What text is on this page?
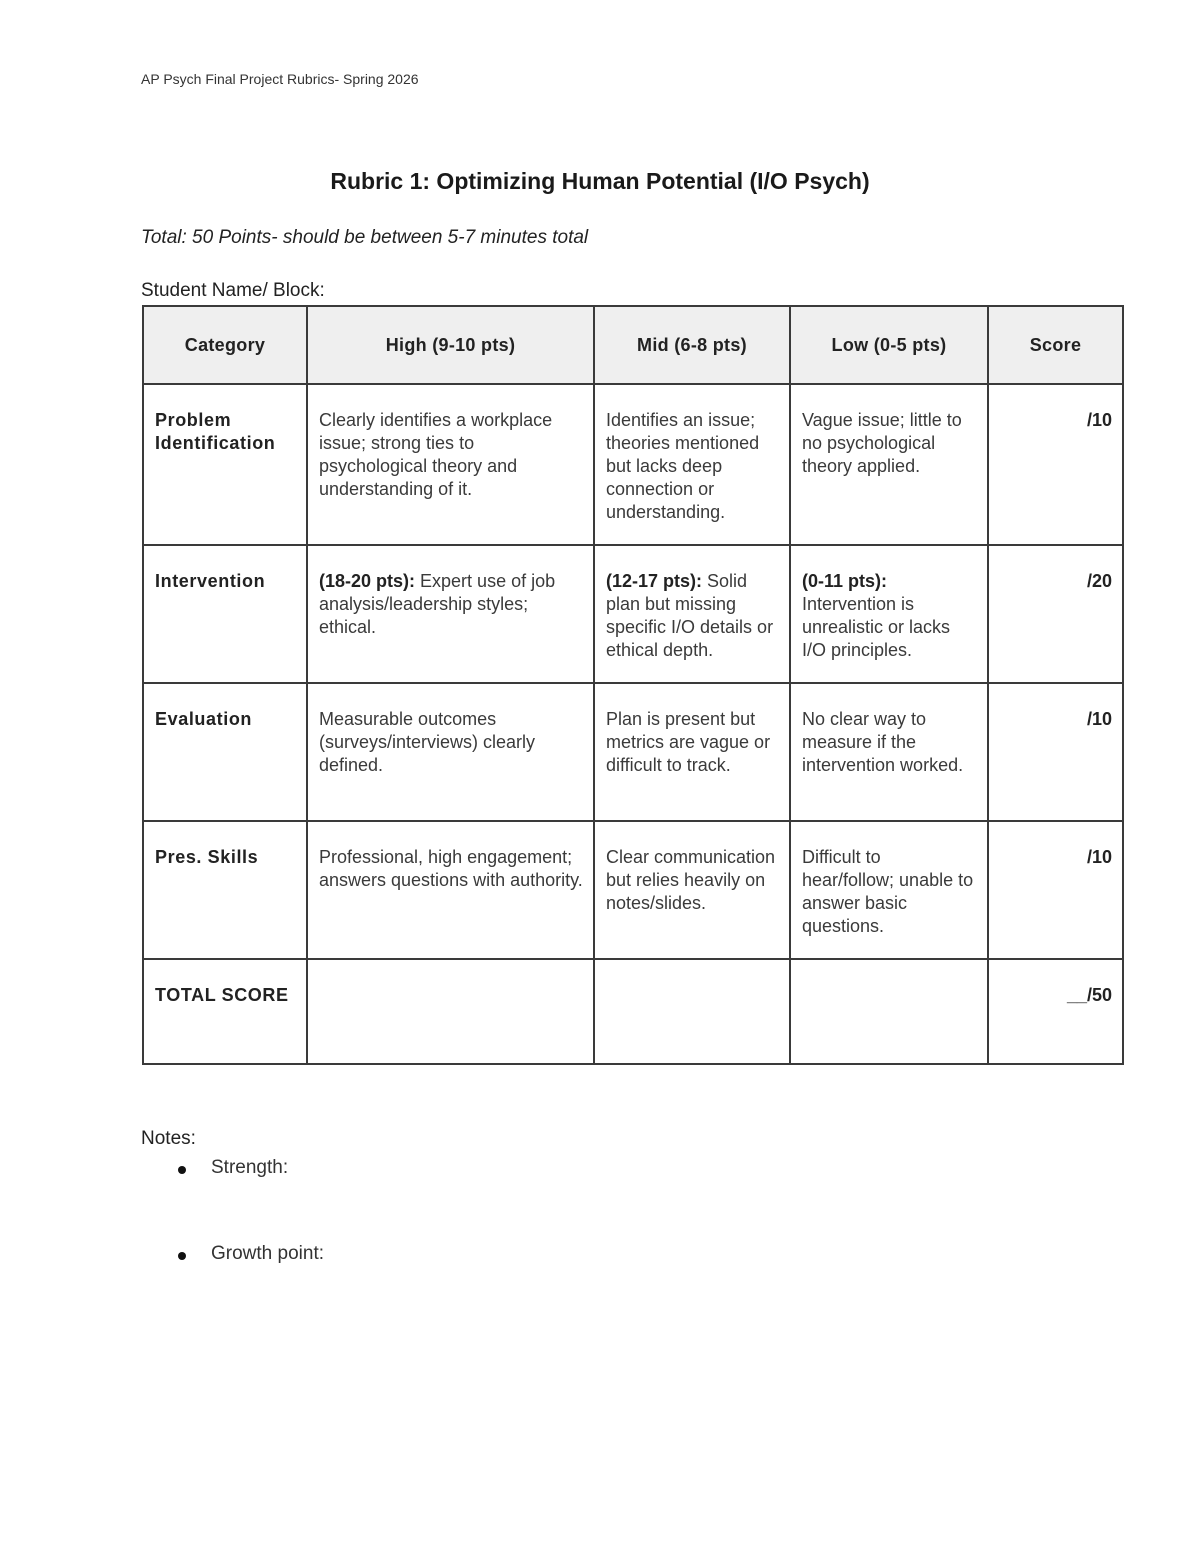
AP Psych Final Project Rubrics- Spring 2026
Rubric 1: Optimizing Human Potential (I/O Psych)
Total: 50 Points- should be between 5-7 minutes total
Student Name/ Block:
Category	High (9-10 pts)	Mid (6-8 pts)	Low (0-5 pts)	Score

Problem Identification	Clearly identifies a workplace issue; strong ties to psychological theory and understanding of it.	Identifies an issue; theories mentioned but lacks deep connection or understanding.	Vague issue; little to no psychological theory applied.	/10

Intervention	(18-20 pts): Expert use of job analysis/leadership styles; ethical.	(12-17 pts): Solid plan but missing specific I/O details or ethical depth.	(0-11 pts): Intervention is unrealistic or lacks I/O principles.	/20

Evaluation	Measurable outcomes (surveys/interviews) clearly defined.	Plan is present but metrics are vague or difficult to track.	No clear way to measure if the intervention worked.	/10

Pres. Skills	Professional, high engagement; answers questions with authority.	Clear communication but relies heavily on notes/slides.	Difficult to hear/follow; unable to answer basic questions.	/10

TOTAL SCORE				__/50
Notes:
Strength:
Growth point:
